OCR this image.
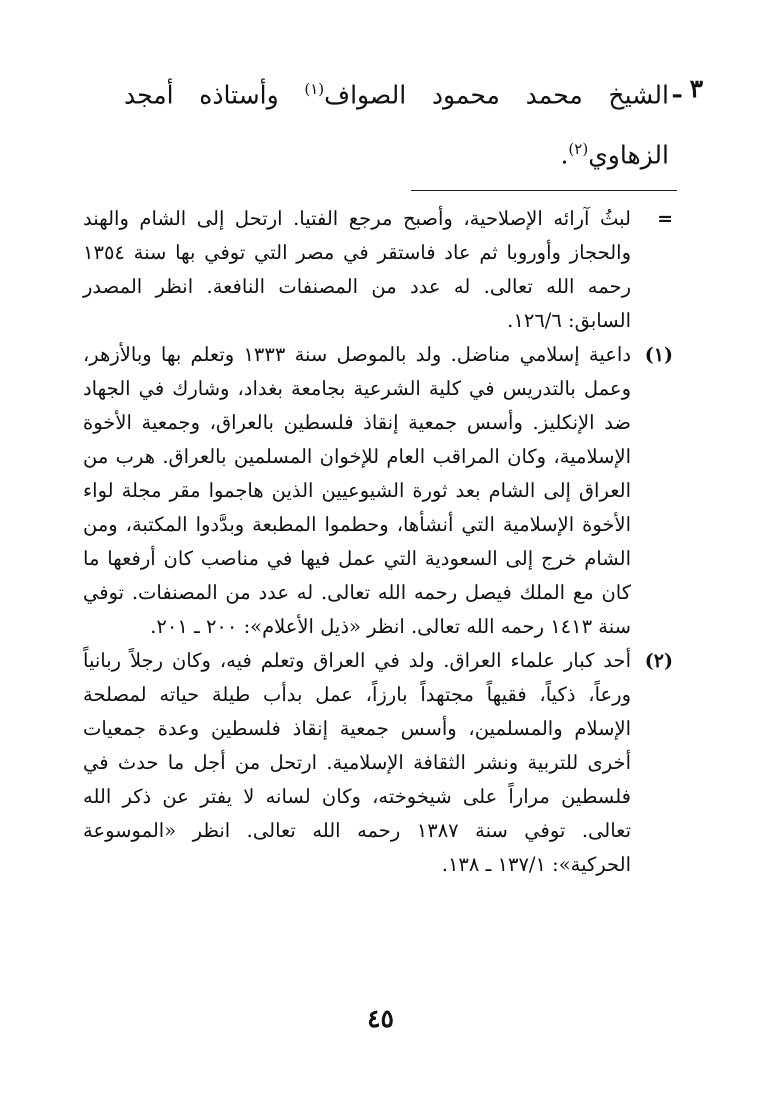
٣ ـ
الشيخ محمد محمود الصواف$^{(١)}$ وأستاذه أمجد الزهاوي$^{(٢)}$.
=
لبثُ آرائه الإصلاحية، وأصبح مرجع الفتيا. ارتحل إلى الشام والهند والحجاز وأوروبا ثم عاد فاستقر في مصر التي توفي بها سنة ١٣٥٤ رحمه الله تعالى. له عدد من المصنفات النافعة. انظر المصدر السابق: ١٢٦/٦.
(١)
داعية إسلامي مناضل. ولد بالموصل سنة ١٣٣٣ وتعلم بها وبالأزهر، وعمل بالتدريس في كلية الشرعية بجامعة بغداد، وشارك في الجهاد ضد الإنكليز. وأسس جمعية إنقاذ فلسطين بالعراق، وجمعية الأخوة الإسلامية، وكان المراقب العام للإخوان المسلمين بالعراق. هرب من العراق إلى الشام بعد ثورة الشيوعيين الذين هاجموا مقر مجلة لواء الأخوة الإسلامية التي أنشأها، وحطموا المطبعة وبدَّدوا المكتبة، ومن الشام خرج إلى السعودية التي عمل فيها في مناصب كان أرفعها ما كان مع الملك فيصل رحمه الله تعالى. له عدد من المصنفات. توفي سنة ١٤١٣ رحمه الله تعالى. انظر «ذيل الأعلام»: ٢٠٠ ـ ٢٠١.
(٢)
أحد كبار علماء العراق. ولد في العراق وتعلم فيه، وكان رجلاً ربانياً ورعاً، ذكياً، فقيهاً مجتهداً بارزاً، عمل بدأب طيلة حياته لمصلحة الإسلام والمسلمين، وأسس جمعية إنقاذ فلسطين وعدة جمعيات أخرى للتربية ونشر الثقافة الإسلامية. ارتحل من أجل ما حدث في فلسطين مراراً على شيخوخته، وكان لسانه لا يفتر عن ذكر الله تعالى. توفي سنة ١٣٨٧ رحمه الله تعالى. انظر «الموسوعة الحركية»: ١٣٧/١ ـ ١٣٨.
٤٥
